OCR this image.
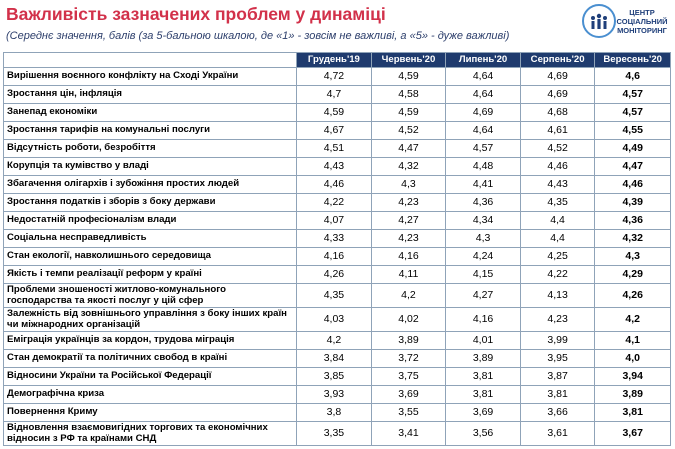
Важливість зазначених проблем у динаміці
(Середнє значення, балів (за 5-бальною шкалою, де «1» - зовсім не важливі, а «5» - дуже важливі)
ЦЕНТР
СОЦІАЛЬНИЙ
МОНІТОРИНГ
	Грудень'19	Червень'20	Липень'20	Серпень'20	Вересень'20
Вирішення воєнного конфлікту на Сході України	4,72	4,59	4,64	4,69	4,6
Зростання цін, інфляція	4,7	4,58	4,64	4,69	4,57
Занепад економіки	4,59	4,59	4,69	4,68	4,57
Зростання тарифів на комунальні послуги	4,67	4,52	4,64	4,61	4,55
Відсутність роботи, безробіття	4,51	4,47	4,57	4,52	4,49
Корупція та кумівство у владі	4,43	4,32	4,48	4,46	4,47
Збагачення олігархів і зубожіння простих людей	4,46	4,3	4,41	4,43	4,46
Зростання податків і зборів з боку держави	4,22	4,23	4,36	4,35	4,39
Недостатній професіоналізм влади	4,07	4,27	4,34	4,4	4,36
Соціальна несправедливість	4,33	4,23	4,3	4,4	4,32
Стан екології, навколишнього середовища	4,16	4,16	4,24	4,25	4,3
Якість і темпи реалізації реформ у країні	4,26	4,11	4,15	4,22	4,29
Проблеми зношеності житлово-комунального господарства та якості послуг у цій сфер	4,35	4,2	4,27	4,13	4,26
Залежність від зовнішнього управління з боку інших країн чи міжнародних організацій	4,03	4,02	4,16	4,23	4,2
Еміграція українців за кордон, трудова міграція	4,2	3,89	4,01	3,99	4,1
Стан демократії та політичних свобод в країні	3,84	3,72	3,89	3,95	4,0
Відносини України та Російської Федерації	3,85	3,75	3,81	3,87	3,94
Демографічна криза	3,93	3,69	3,81	3,81	3,89
Повернення Криму	3,8	3,55	3,69	3,66	3,81
Відновлення взаємовигідних торгових та економічних відносин з РФ та країнами СНД	3,35	3,41	3,56	3,61	3,67
